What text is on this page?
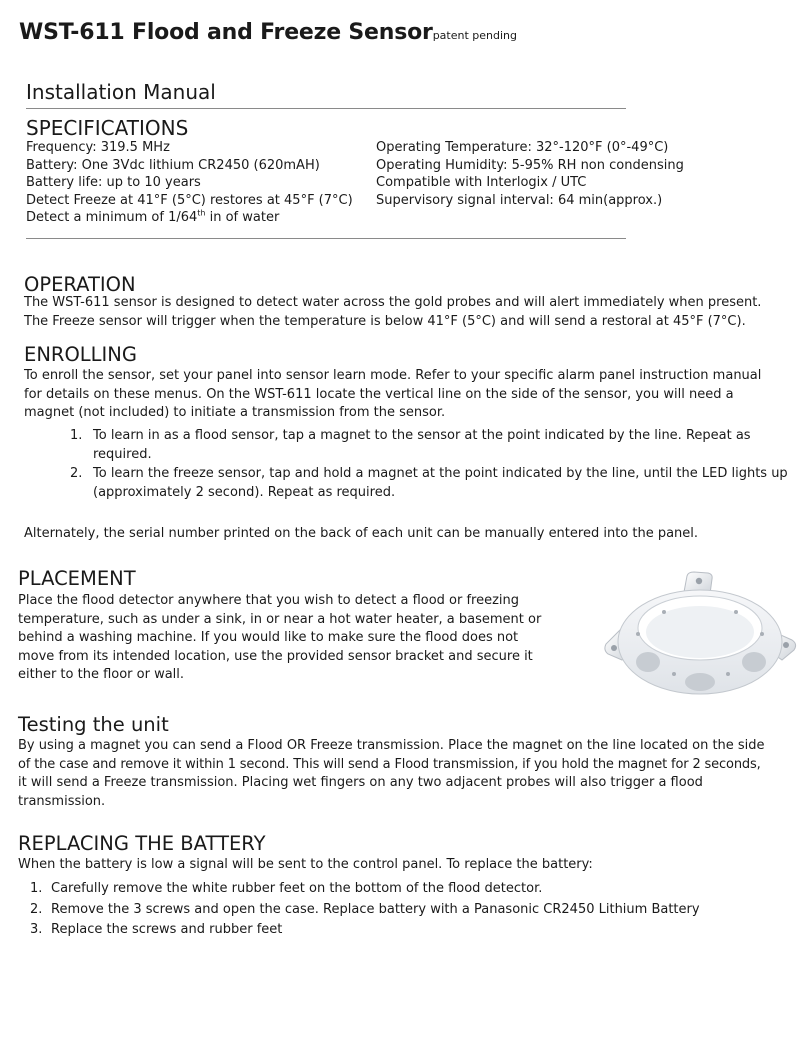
WST-611 Flood and Freeze Sensorpatent pending
Installation Manual
SPECIFICATIONS
Frequency: 319.5 MHz
Battery: One 3Vdc lithium CR2450 (620mAH)
Battery life: up to 10 years
Detect Freeze at 41°F (5°C) restores at 45°F (7°C)
Detect a minimum of 1/64th in of water
Operating Temperature: 32°-120°F (0°-49°C)
Operating Humidity: 5-95% RH non condensing
Compatible with Interlogix / UTC
Supervisory signal interval: 64 min(approx.)
OPERATION

The WST-611 sensor is designed to detect water across the gold probes and will alert immediately when present.

The Freeze sensor will trigger when the temperature is below 41°F (5°C) and will send a restoral at 45°F (7°C).

ENROLLING

To enroll the sensor, set your panel into sensor learn mode. Refer to your specific alarm panel instruction manual

for details on these menus. On the WST-611 locate the vertical line on the side of the sensor, you will need a

magnet (not included) to initiate a transmission from the sensor.

1. To learn in as a flood sensor, tap a magnet to the sensor at the point indicated by the line. Repeat as

required.

2. To learn the freeze sensor, tap and hold a magnet at the point indicated by the line, until the LED lights up

(approximately 2 second). Repeat as required.

Alternately, the serial number printed on the back of each unit can be manually entered into the panel.
PLACEMENT

Place the flood detector anywhere that you wish to detect a flood or freezing

temperature, such as under a sink, in or near a hot water heater, a basement or

behind a washing machine. If you would like to make sure the flood does not

move from its intended location, use the provided sensor bracket and secure it

either to the floor or wall.

Testing the unit

By using a magnet you can send a Flood OR Freeze transmission. Place the magnet on the line located on the side

of the case and remove it within 1 second. This will send a Flood transmission, if you hold the magnet for 2 seconds,

it will send a Freeze transmission. Placing wet fingers on any two adjacent probes will also trigger a flood

transmission.

REPLACING THE BATTERY
When the battery is low a signal will be sent to the control panel. To replace the battery:
1. Carefully remove the white rubber feet on the bottom of the flood detector.

2. Remove the 3 screws and open the case. Replace battery with a Panasonic CR2450 Lithium Battery

3. Replace the screws and rubber feet
